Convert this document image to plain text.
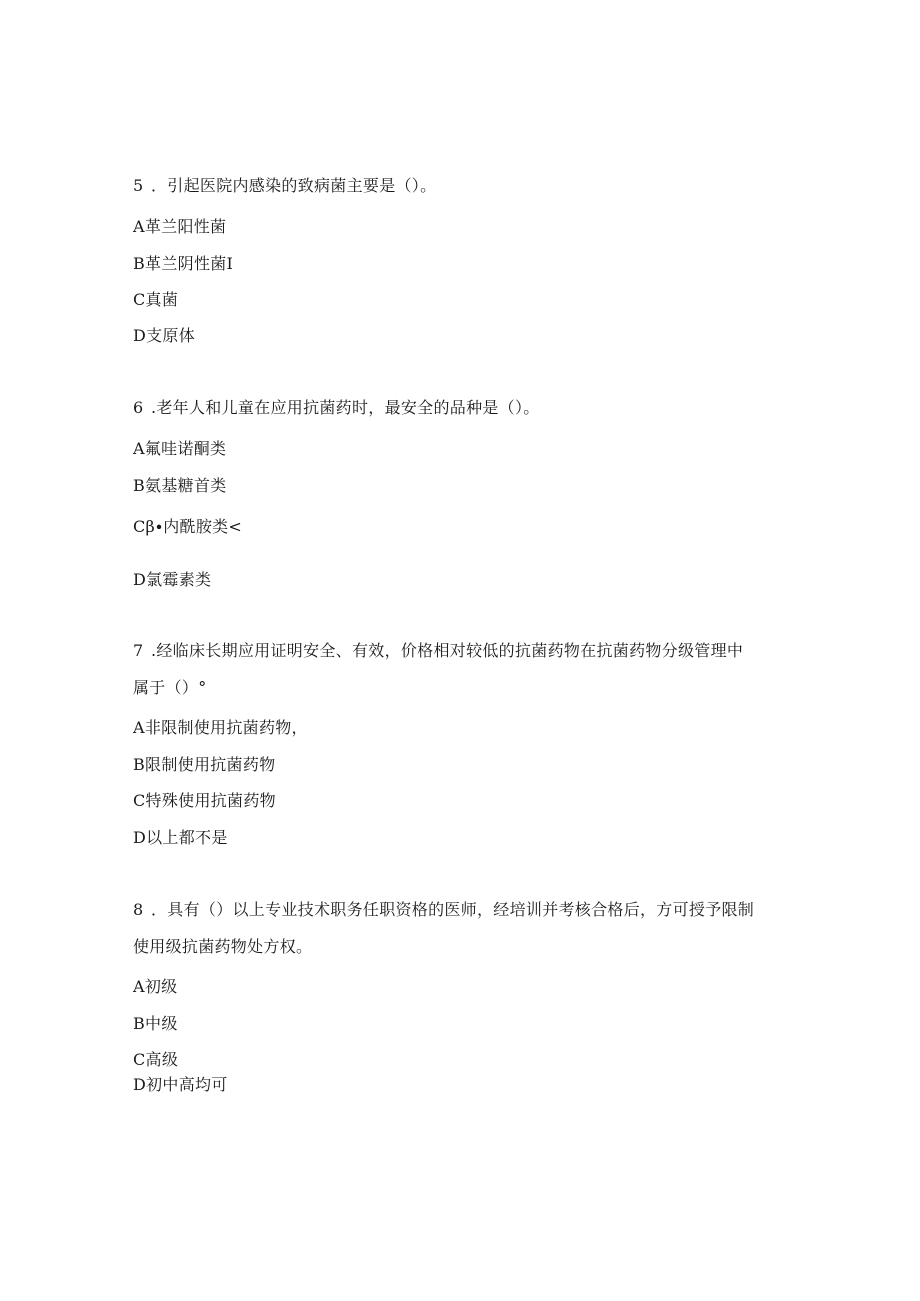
5 ．引起医院内感染的致病菌主要是（）。
A革兰阳性菌
B革兰阴性菌I
C真菌
D支原体
6 .老年人和儿童在应用抗菌药时，最安全的品种是（）。
A氟哇诺酮类
B氨基糖首类
Cβ∙内酰胺类<
D氯霉素类
7 .经临床长期应用证明安全、有效，价格相对较低的抗菌药物在抗菌药物分级管理中
属于（）°
A非限制使用抗菌药物，
B限制使用抗菌药物
C特殊使用抗菌药物
D以上都不是
8 ．具有（）以上专业技术职务任职资格的医师，经培训并考核合格后，方可授予限制
使用级抗菌药物处方权。
A初级
B中级
C高级
D初中高均可
